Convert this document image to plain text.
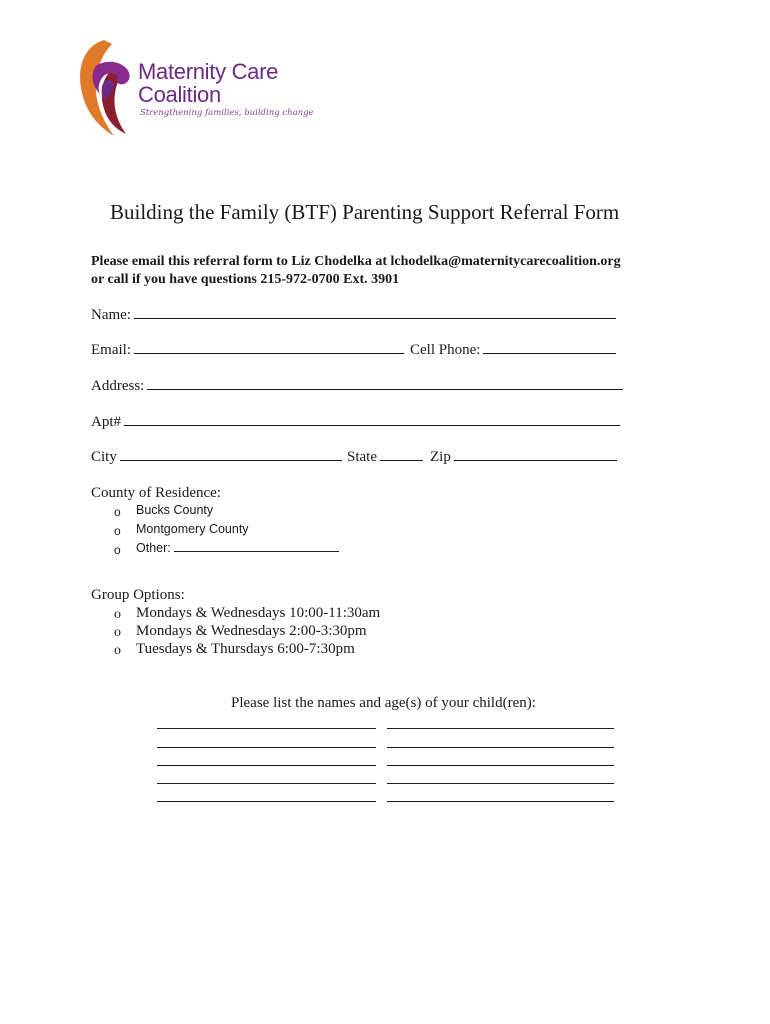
Maternity Care
Coalition
Strengthening families, building change
Building the Family (BTF) Parenting Support Referral Form
Please email this referral form to Liz Chodelka at lchodelka@maternitycarecoalition.org
or call if you have questions 215-972-0700 Ext. 3901
Name:
Email:	Cell Phone:
Address:
Apt#
City	State	Zip
County of Residence:
o Bucks County
o Montgomery County
o Other:
Group Options:
o Mondays & Wednesdays 10:00-11:30am
o Mondays & Wednesdays 2:00-3:30pm
o Tuesdays & Thursdays 6:00-7:30pm
Please list the names and age(s) of your child(ren):
